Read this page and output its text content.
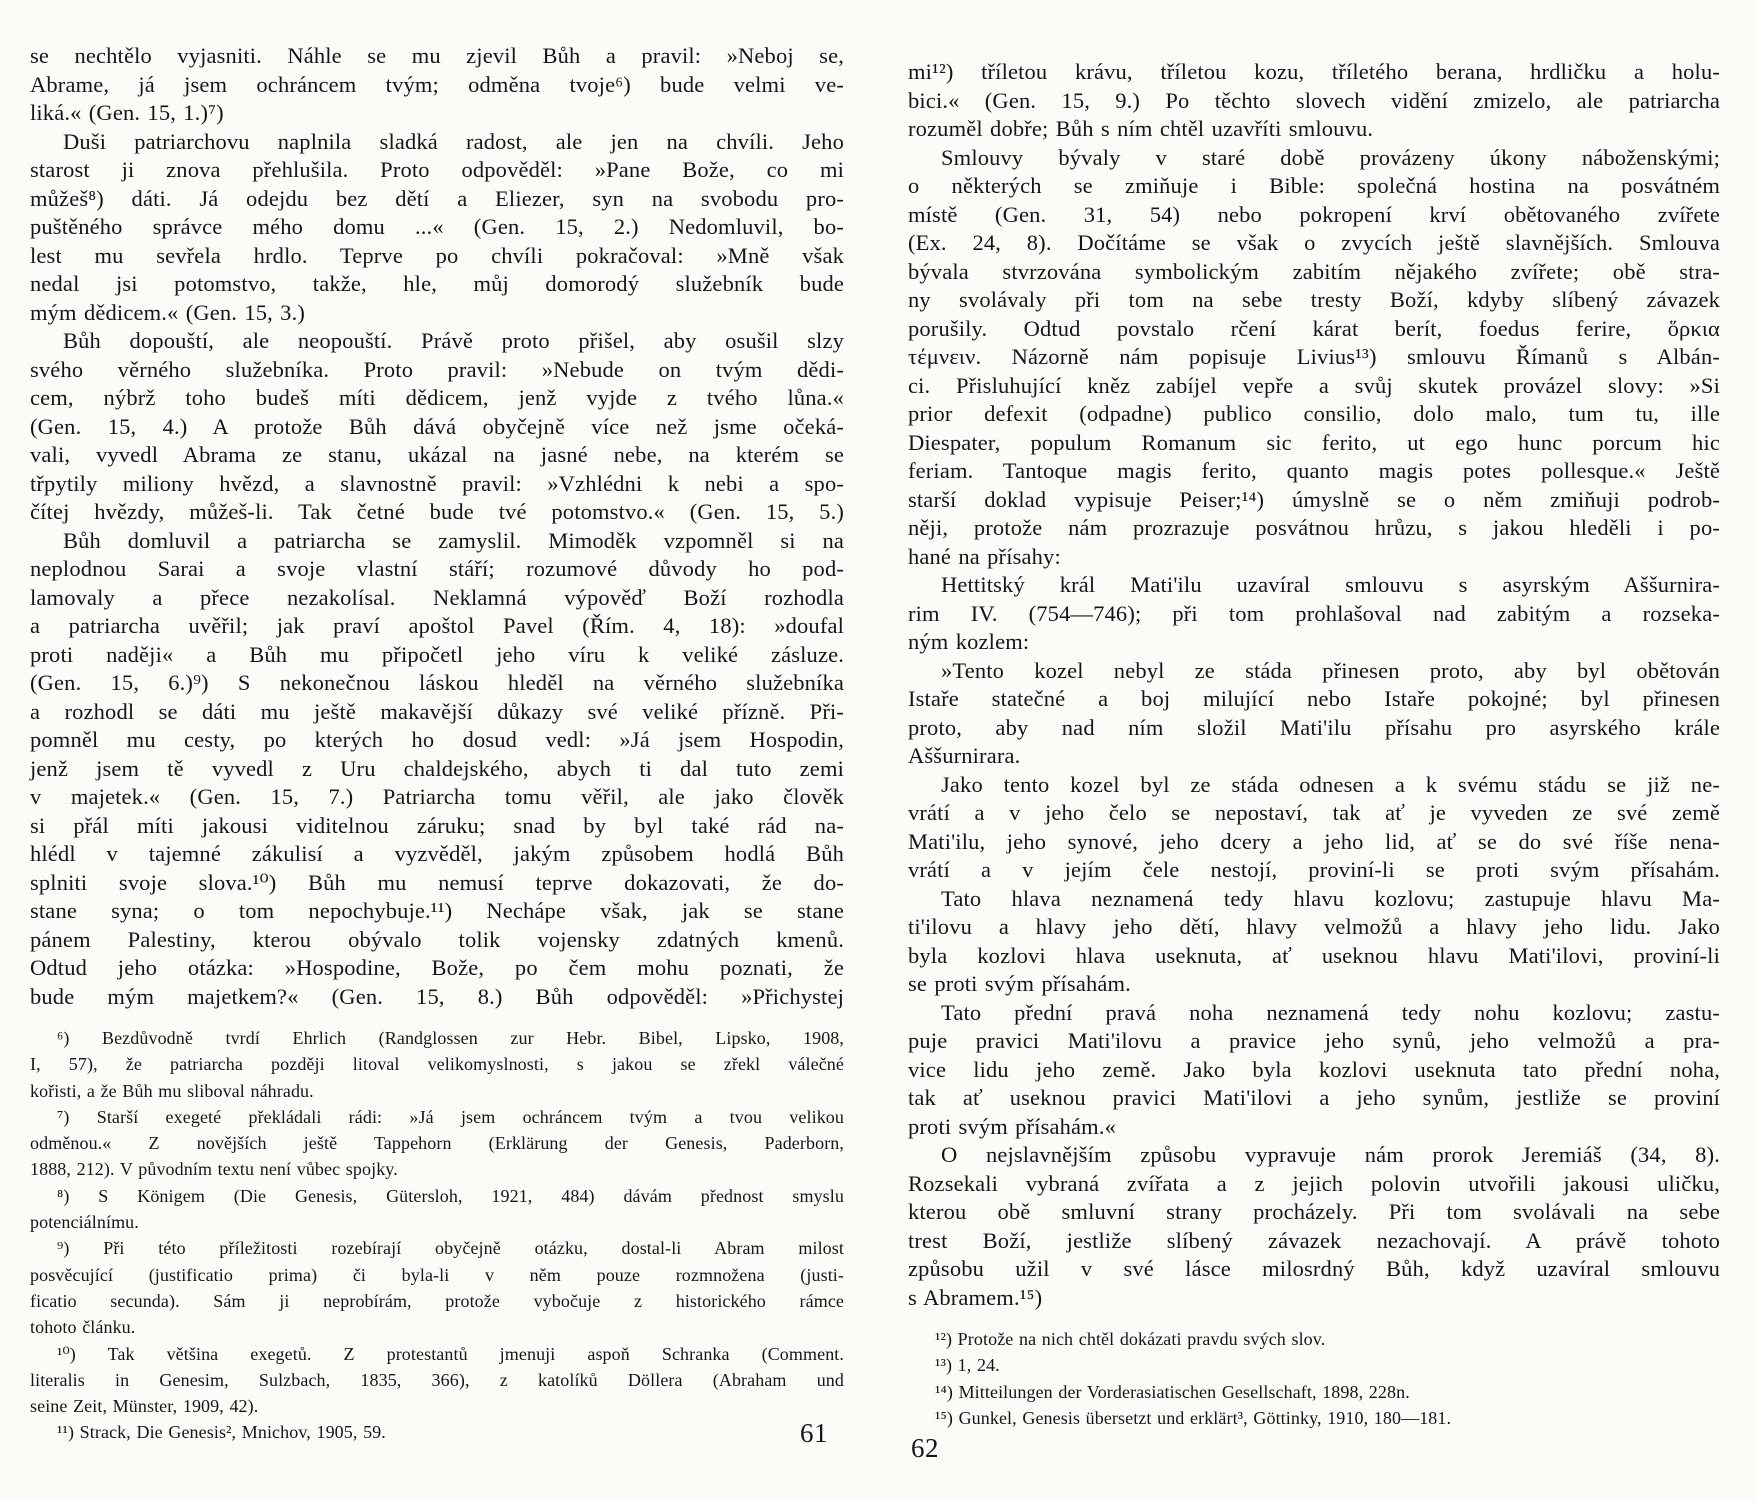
se nechtělo vyjasniti. Náhle se mu zjevil Bůh a pravil: »Neboj se,
Abrame, já jsem ochráncem tvým; odměna tvoje⁶) bude velmi ve-
liká.« (Gen. 15, 1.)⁷)
Duši patriarchovu naplnila sladká radost, ale jen na chvíli. Jeho
starost ji znova přehlušila. Proto odpověděl: »Pane Bože, co mi
můžeš⁸) dáti. Já odejdu bez dětí a Eliezer, syn na svobodu pro-
puštěného správce mého domu ...« (Gen. 15, 2.) Nedomluvil, bo-
lest mu sevřela hrdlo. Teprve po chvíli pokračoval: »Mně však
nedal jsi potomstvo, takže, hle, můj domorodý služebník bude
mým dědicem.« (Gen. 15, 3.)
Bůh dopouští, ale neopouští. Právě proto přišel, aby osušil slzy
svého věrného služebníka. Proto pravil: »Nebude on tvým dědi-
cem, nýbrž toho budeš míti dědicem, jenž vyjde z tvého lůna.«
(Gen. 15, 4.) A protože Bůh dává obyčejně více než jsme očeká-
vali, vyvedl Abrama ze stanu, ukázal na jasné nebe, na kterém se
třpytily miliony hvězd, a slavnostně pravil: »Vzhlédni k nebi a spo-
čítej hvězdy, můžeš-li. Tak četné bude tvé potomstvo.« (Gen. 15, 5.)
Bůh domluvil a patriarcha se zamyslil. Mimoděk vzpomněl si na
neplodnou Sarai a svoje vlastní stáří; rozumové důvody ho pod-
lamovaly a přece nezakolísal. Neklamná výpověď Boží rozhodla
a patriarcha uvěřil; jak praví apoštol Pavel (Řím. 4, 18): »doufal
proti naději« a Bůh mu připočetl jeho víru k veliké zásluze.
(Gen. 15, 6.)⁹) S nekonečnou láskou hleděl na věrného služebníka
a rozhodl se dáti mu ještě makavější důkazy své veliké přízně. Při-
pomněl mu cesty, po kterých ho dosud vedl: »Já jsem Hospodin,
jenž jsem tě vyvedl z Uru chaldejského, abych ti dal tuto zemi
v majetek.« (Gen. 15, 7.) Patriarcha tomu věřil, ale jako člověk
si přál míti jakousi viditelnou záruku; snad by byl také rád na-
hlédl v tajemné zákulisí a vyzvěděl, jakým způsobem hodlá Bůh
splniti svoje slova.¹⁰) Bůh mu nemusí teprve dokazovati, že do-
stane syna; o tom nepochybuje.¹¹) Nechápe však, jak se stane
pánem Palestiny, kterou obývalo tolik vojensky zdatných kmenů.
Odtud jeho otázka: »Hospodine, Bože, po čem mohu poznati, že
bude mým majetkem?« (Gen. 15, 8.) Bůh odpověděl: »Přichystej
⁶) Bezdůvodně tvrdí Ehrlich (Randglossen zur Hebr. Bibel, Lipsko, 1908,
I, 57), že patriarcha později litoval velikomyslnosti, s jakou se zřekl válečné
kořisti, a že Bůh mu sliboval náhradu.
⁷) Starší exegeté překládali rádi: »Já jsem ochráncem tvým a tvou velikou
odměnou.« Z novějších ještě Tappehorn (Erklärung der Genesis, Paderborn,
1888, 212). V původním textu není vůbec spojky.
⁸) S Königem (Die Genesis, Gütersloh, 1921, 484) dávám přednost smyslu
potenciálnímu.
⁹) Při této příležitosti rozebírají obyčejně otázku, dostal-li Abram milost
posvěcující (justificatio prima) či byla-li v něm pouze rozmnožena (justi-
ficatio secunda). Sám ji neprobírám, protože vybočuje z historického rámce
tohoto článku.
¹⁰) Tak většina exegetů. Z protestantů jmenuji aspoň Schranka (Comment.
literalis in Genesim, Sulzbach, 1835, 366), z katolíků Döllera (Abraham und
seine Zeit, Münster, 1909, 42).
¹¹) Strack, Die Genesis², Mnichov, 1905, 59.
mi¹²) tříletou krávu, tříletou kozu, tříletého berana, hrdličku a holu-
bici.« (Gen. 15, 9.) Po těchto slovech vidění zmizelo, ale patriarcha
rozuměl dobře; Bůh s ním chtěl uzavříti smlouvu.
Smlouvy bývaly v staré době provázeny úkony náboženskými;
o některých se zmiňuje i Bible: společná hostina na posvátném
místě (Gen. 31, 54) nebo pokropení krví obětovaného zvířete
(Ex. 24, 8). Dočítáme se však o zvycích ještě slavnějších. Smlouva
bývala stvrzována symbolickým zabitím nějakého zvířete; obě stra-
ny svolávaly při tom na sebe tresty Boží, kdyby slíbený závazek
porušily. Odtud povstalo rčení kárat berít, foedus ferire, ὅρκια
τέμνειν. Názorně nám popisuje Livius¹³) smlouvu Římanů s Albán-
ci. Přisluhující kněz zabíjel vepře a svůj skutek provázel slovy: »Si
prior defexit (odpadne) publico consilio, dolo malo, tum tu, ille
Diespater, populum Romanum sic ferito, ut ego hunc porcum hic
feriam. Tantoque magis ferito, quanto magis potes pollesque.« Ještě
starší doklad vypisuje Peiser;¹⁴) úmyslně se o něm zmiňuji podrob-
něji, protože nám prozrazuje posvátnou hrůzu, s jakou hleděli i po-
hané na přísahy:
Hettitský král Mati'ilu uzavíral smlouvu s asyrským Aššurnira-
rim IV. (754—746); při tom prohlašoval nad zabitým a rozseka-
ným kozlem:
»Tento kozel nebyl ze stáda přinesen proto, aby byl obětován
Istaře statečné a boj milující nebo Istaře pokojné; byl přinesen
proto, aby nad ním složil Mati'ilu přísahu pro asyrského krále
Aššurnirara.
Jako tento kozel byl ze stáda odnesen a k svému stádu se již ne-
vrátí a v jeho čelo se nepostaví, tak ať je vyveden ze své země
Mati'ilu, jeho synové, jeho dcery a jeho lid, ať se do své říše nena-
vrátí a v jejím čele nestojí, proviní-li se proti svým přísahám.
Tato hlava neznamená tedy hlavu kozlovu; zastupuje hlavu Ma-
ti'ilovu a hlavy jeho dětí, hlavy velmožů a hlavy jeho lidu. Jako
byla kozlovi hlava useknuta, ať useknou hlavu Mati'ilovi, proviní-li
se proti svým přísahám.
Tato přední pravá noha neznamená tedy nohu kozlovu; zastu-
puje pravici Mati'ilovu a pravice jeho synů, jeho velmožů a pra-
vice lidu jeho země. Jako byla kozlovi useknuta tato přední noha,
tak ať useknou pravici Mati'ilovi a jeho synům, jestliže se proviní
proti svým přísahám.«
O nejslavnějším způsobu vypravuje nám prorok Jeremiáš (34, 8).
Rozsekali vybraná zvířata a z jejich polovin utvořili jakousi uličku,
kterou obě smluvní strany procházely. Při tom svolávali na sebe
trest Boží, jestliže slíbený závazek nezachovají. A právě tohoto
způsobu užil v své lásce milosrdný Bůh, když uzavíral smlouvu
s Abramem.¹⁵)
¹²) Protože na nich chtěl dokázati pravdu svých slov.
¹³) 1, 24.
¹⁴) Mitteilungen der Vorderasiatischen Gesellschaft, 1898, 228n.
¹⁵) Gunkel, Genesis übersetzt und erklärt³, Göttinky, 1910, 180—181.
61	62
